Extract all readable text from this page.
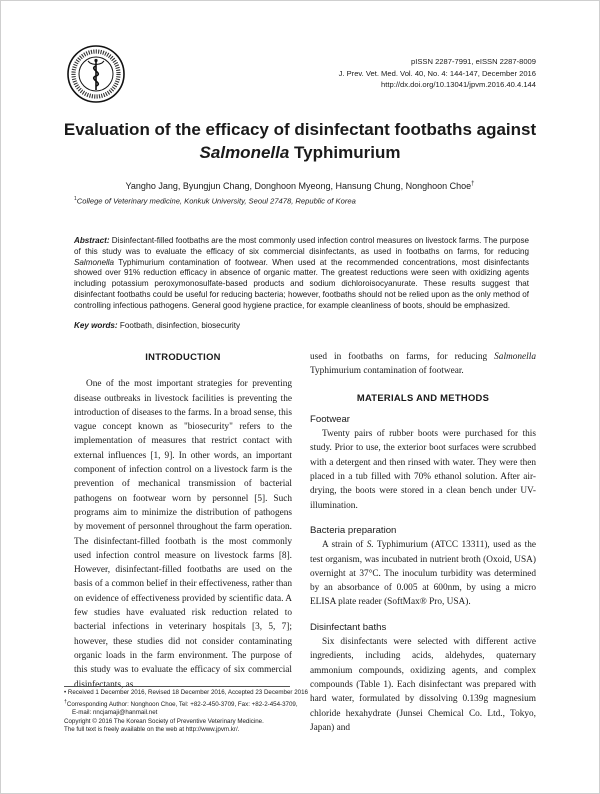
pISSN 2287-7991, eISSN 2287-8009
J. Prev. Vet. Med. Vol. 40, No. 4: 144-147, December 2016
http://dx.doi.org/10.13041/jpvm.2016.40.4.144
Evaluation of the efficacy of disinfectant footbaths against
Salmonella Typhimurium
Yangho Jang, Byungjun Chang, Donghoon Myeong, Hansung Chung, Nonghoon Choe†
$^1$College of Veterinary medicine, Konkuk University, Seoul 27478, Republic of Korea
Abstract: Disinfectant-filled footbaths are the most commonly used infection control measures on livestock farms. The purpose of this study was to evaluate the efficacy of six commercial disinfectants, as used in footbaths on farms, for reducing Salmonella Typhimurium contamination of footwear. When used at the recommended concentrations, most disinfectants showed over 91% reduction efficacy in absence of organic matter. The greatest reductions were seen with oxidizing agents including potassium peroxymonosulfate-based products and sodium dichloroisocyanurate. These results suggest that disinfectant footbaths could be useful for reducing bacteria; however, footbaths should not be relied upon as the only method of controlling infectious pathogens. General good hygiene practice, for example cleanliness of boots, should be emphasized.
Key words: Footbath, disinfection, biosecurity
INTRODUCTION

One of the most important strategies for preventing disease outbreaks in livestock facilities is preventing the introduction of diseases to the farms. In a broad sense, this vague concept known as "biosecurity" refers to the implementation of measures that restrict contact with external influences [1, 9]. In other words, an important component of infection control on a livestock farm is the prevention of mechanical transmission of bacterial pathogens on footwear worn by personnel [5]. Such programs aim to minimize the distribution of pathogens by movement of personnel throughout the farm operation. The disinfectant-filled footbath is the most commonly used infection control measure on livestock farms [8]. However, disinfectant-filled footbaths are used on the basis of a common belief in their effectiveness, rather than on evidence of effectiveness provided by scientific data. A few studies have evaluated risk reduction related to bacterial infections in veterinary hospitals [3, 5, 7]; however, these studies did not consider contaminating organic loads in the farm environment. The purpose of this study was to evaluate the efficacy of six commercial disinfectants, as

used in footbaths on farms, for reducing Salmonella Typhimurium contamination of footwear.

MATERIALS AND METHODS
Footwear

Twenty pairs of rubber boots were purchased for this study. Prior to use, the exterior boot surfaces were scrubbed with a detergent and then rinsed with water. They were then placed in a tub filled with 70% ethanol solution. After air-drying, the boots were stored in a clean bench under UV-illumination.

Bacteria preparation

A strain of S. Typhimurium (ATCC 13311), used as the test organism, was incubated in nutrient broth (Oxoid, USA) overnight at 37°C. The inoculum turbidity was determined by an absorbance of 0.005 at 600nm, by using a micro ELISA plate reader (SoftMax® Pro, USA).

Disinfectant baths

Six disinfectants were selected with different active ingredients, including acids, aldehydes, quaternary ammonium compounds, oxidizing agents, and complex compounds (Table 1). Each disinfectant was prepared with hard water, formulated by dissolving 0.139g magnesium chloride hexahydrate (Junsei Chemical Co. Ltd., Tokyo, Japan) and

• Received 1 December 2016, Revised 18 December 2016, Accepted 23 December 2016
†Corresponding Author: Nonghoon Choe, Tel: +82-2-450-3709, Fax: +82-2-454-3709,
E-mail: nncjamaji@hanmail.net
Copyright © 2016 The Korean Society of Preventive Veterinary Medicine.
The full text is freely available on the web at http://www.jpvm.kr/.
